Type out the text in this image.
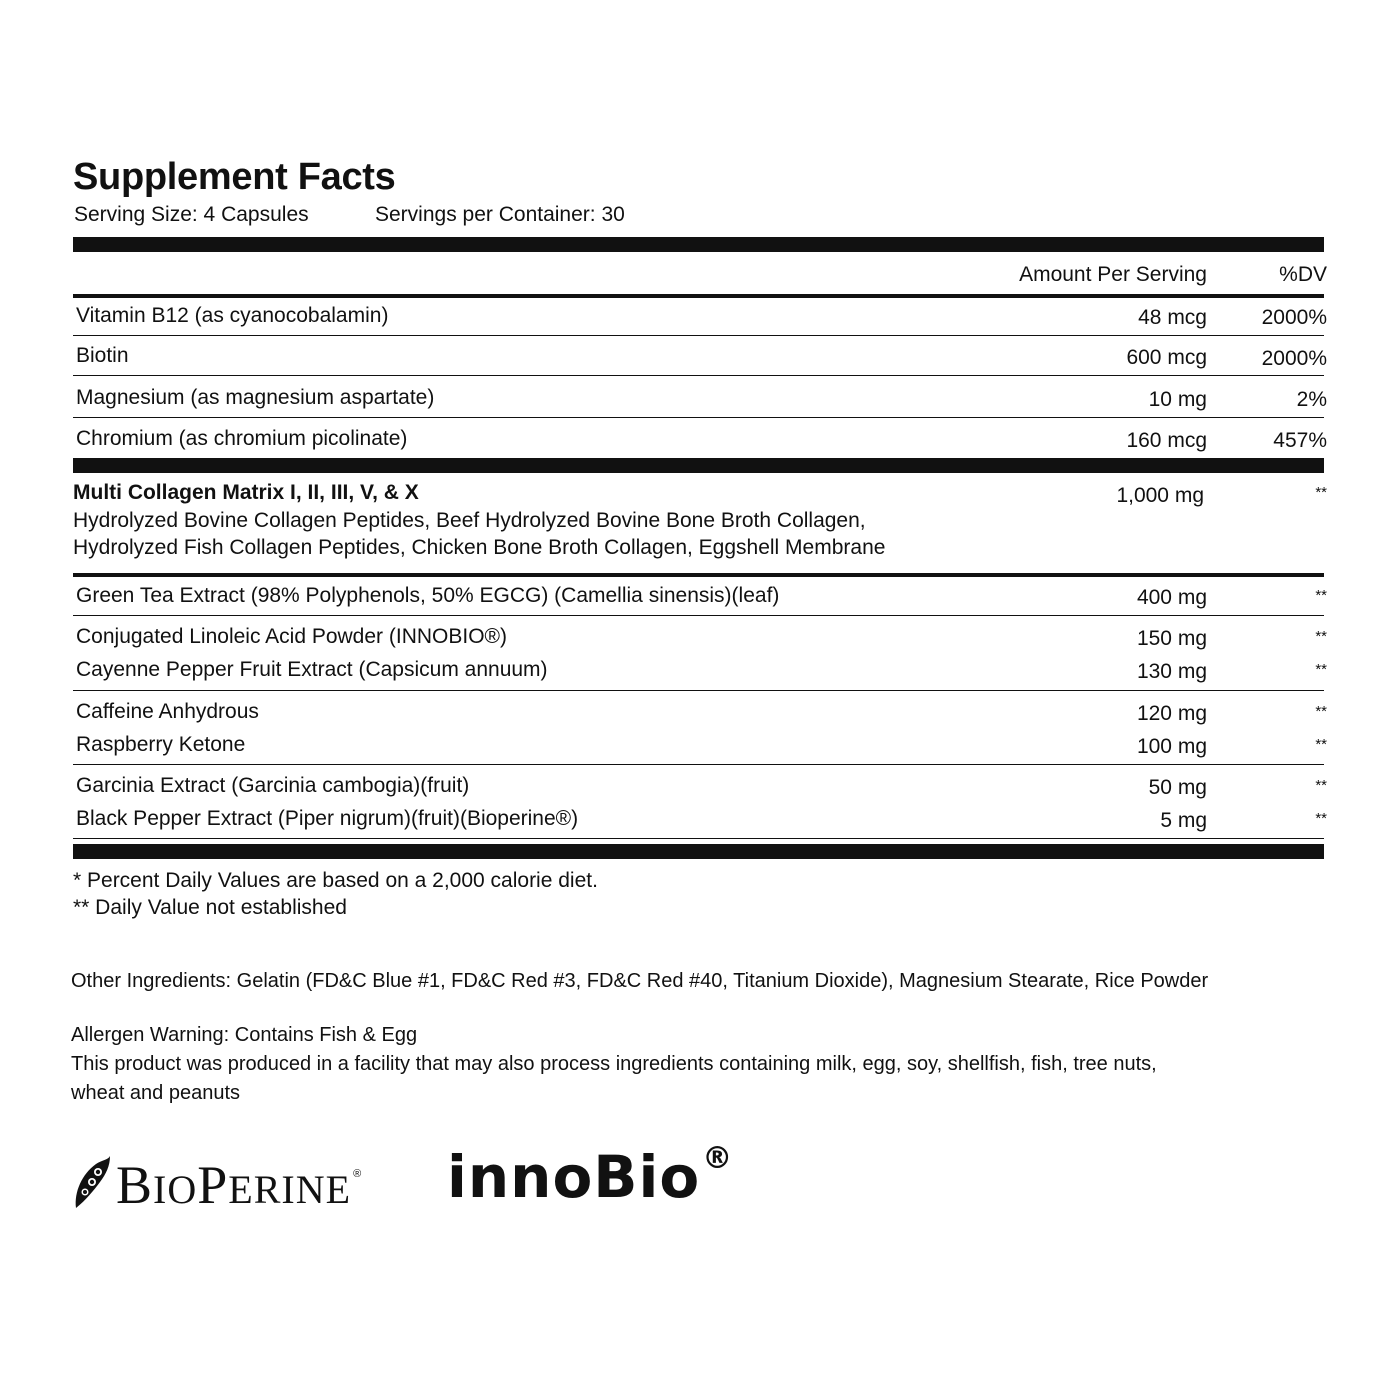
Supplement Facts
Serving Size: 4 Capsules	Servings per Container: 30
Amount Per Serving	%DV
Vitamin B12 (as cyanocobalamin)	48 mcg	2000%
Biotin	600 mcg	2000%
Magnesium (as magnesium aspartate)	10 mg	2%
Chromium (as chromium picolinate)	160 mcg	457%
Multi Collagen Matrix I, II, III, V, & X	1,000 mg	**
Hydrolyzed Bovine Collagen Peptides, Beef Hydrolyzed Bovine Bone Broth Collagen,
Hydrolyzed Fish Collagen Peptides, Chicken Bone Broth Collagen, Eggshell Membrane
Green Tea Extract (98% Polyphenols, 50% EGCG) (Camellia sinensis)(leaf)	400 mg	**
Conjugated Linoleic Acid Powder (INNOBIO®)	150 mg	**
Cayenne Pepper Fruit Extract (Capsicum annuum)	130 mg	**
Caffeine Anhydrous	120 mg	**
Raspberry Ketone	100 mg	**
Garcinia Extract (Garcinia cambogia)(fruit)	50 mg	**
Black Pepper Extract (Piper nigrum)(fruit)(Bioperine®)	5 mg	**
* Percent Daily Values are based on a 2,000 calorie diet.
** Daily Value not established
Other Ingredients: Gelatin (FD&C Blue #1, FD&C Red #3, FD&C Red #40, Titanium Dioxide), Magnesium Stearate, Rice Powder
Allergen Warning: Contains Fish & Egg
This product was produced in a facility that may also process ingredients containing milk, egg, soy, shellfish, fish, tree nuts,
wheat and peanuts
BIOPERINE ® innoBio®
